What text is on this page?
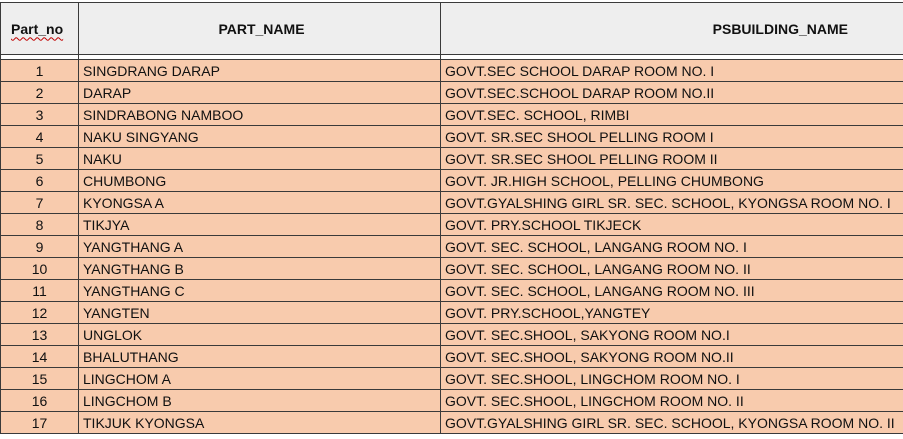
Part_no	PART_NAME	PSBUILDING_NAME

1	SINGDRANG DARAP	GOVT.SEC SCHOOL DARAP ROOM NO. I
2	DARAP	GOVT.SEC.SCHOOL DARAP ROOM NO.II
3	SINDRABONG NAMBOO	GOVT.SEC. SCHOOL, RIMBI
4	NAKU SINGYANG	GOVT. SR.SEC SHOOL PELLING ROOM I
5	NAKU	GOVT. SR.SEC SHOOL PELLING ROOM II
6	CHUMBONG	GOVT. JR.HIGH SCHOOL, PELLING CHUMBONG
7	KYONGSA A	GOVT.GYALSHING GIRL SR. SEC. SCHOOL, KYONGSA ROOM NO. I
8	TIKJYA	GOVT. PRY.SCHOOL TIKJECK
9	YANGTHANG A	GOVT. SEC. SCHOOL, LANGANG ROOM NO. I
10	YANGTHANG B	GOVT. SEC. SCHOOL, LANGANG ROOM NO. II
11	YANGTHANG C	GOVT. SEC. SCHOOL, LANGANG ROOM NO. III
12	YANGTEN	GOVT. PRY.SCHOOL,YANGTEY
13	UNGLOK	GOVT. SEC.SHOOL, SAKYONG ROOM NO.I
14	BHALUTHANG	GOVT. SEC.SHOOL, SAKYONG ROOM NO.II
15	LINGCHOM A	GOVT. SEC.SHOOL, LINGCHOM ROOM NO. I
16	LINGCHOM B	GOVT. SEC.SHOOL, LINGCHOM ROOM NO. II
17	TIKJUK KYONGSA	GOVT.GYALSHING GIRL SR. SEC. SCHOOL, KYONGSA ROOM NO. II
